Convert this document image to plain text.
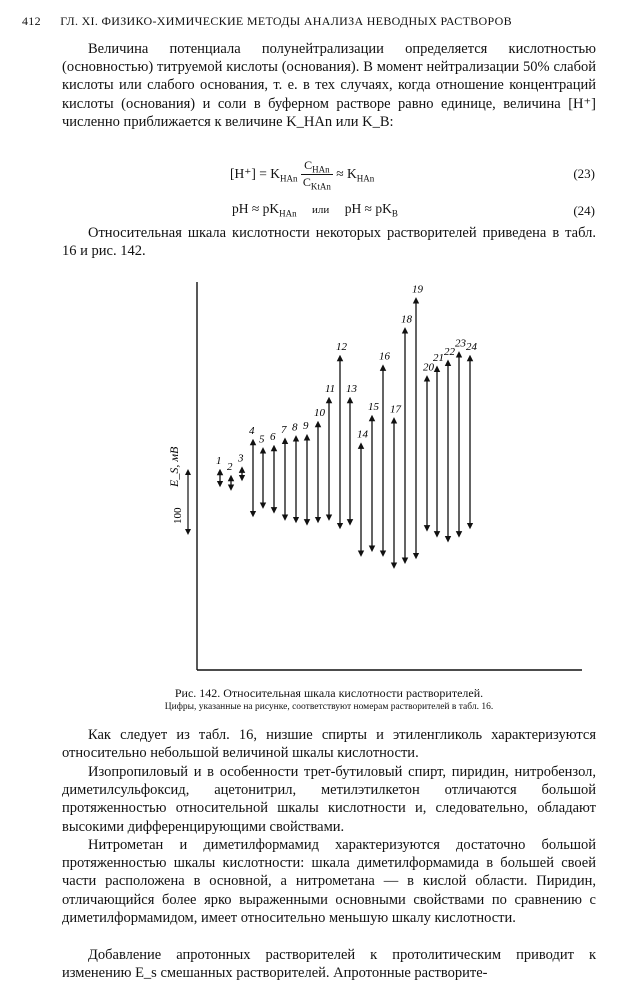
412 ГЛ. XI. ФИЗИКО-ХИМИЧЕСКИЕ МЕТОДЫ АНАЛИЗА НЕВОДНЫХ РАСТВОРОВ
Величина потенциала полунейтрализации определяется кислотностью (основностью) титруемой кислоты (основания). В момент нейтрализации 50% слабой кислоты или слабого основания, т. е. в тех случаях, когда отношение концентраций кислоты (основания) и соли в буферном растворе равно единице, величина [H⁺] численно приближается к величине K_HAn или K_B:
$[H^+] = K_{HAn} \frac{C_{HAn}}{C_{KtAn}} \approx K_{HAn}$	(23)
pH ≈ $pK_{HAn}$ или pH ≈ $pK_B$	(24)
Относительная шкала кислотности некоторых растворителей приведена в табл. 16 и рис. 142.
E_S, мВ
100
1 2
3
4
5 6
7 8 9
10
11
12
13
14
15
16
17
18
19
20
21 22
23 24
Рис. 142. Относительная шкала кислотности растворителей.
Цифры, указанные на рисунке, соответствуют номерам растворителей в табл. 16.
Как следует из табл. 16, низшие спирты и этиленгликоль характеризуются относительно небольшой величиной шкалы кислотности.
Изопропиловый и в особенности трет-бутиловый спирт, пиридин, нитробензол, диметилсульфоксид, ацетонитрил, метилэтилкетон отличаются большой протяженностью относительной шкалы кислотности и, следовательно, обладают высокими дифференцирующими свойствами.
Нитрометан и диметилформамид характеризуются достаточно большой протяженностью шкалы кислотности: шкала диметилформамида в большей своей части расположена в основной, а нитрометана — в кислой области. Пиридин, отличающийся более ярко выраженными основными свойствами по сравнению с диметилформамидом, имеет относительно меньшую шкалу кислотности.
Добавление апротонных растворителей к протолитическим приводит к изменению E_s смешанных растворителей. Апротонные растворите-
